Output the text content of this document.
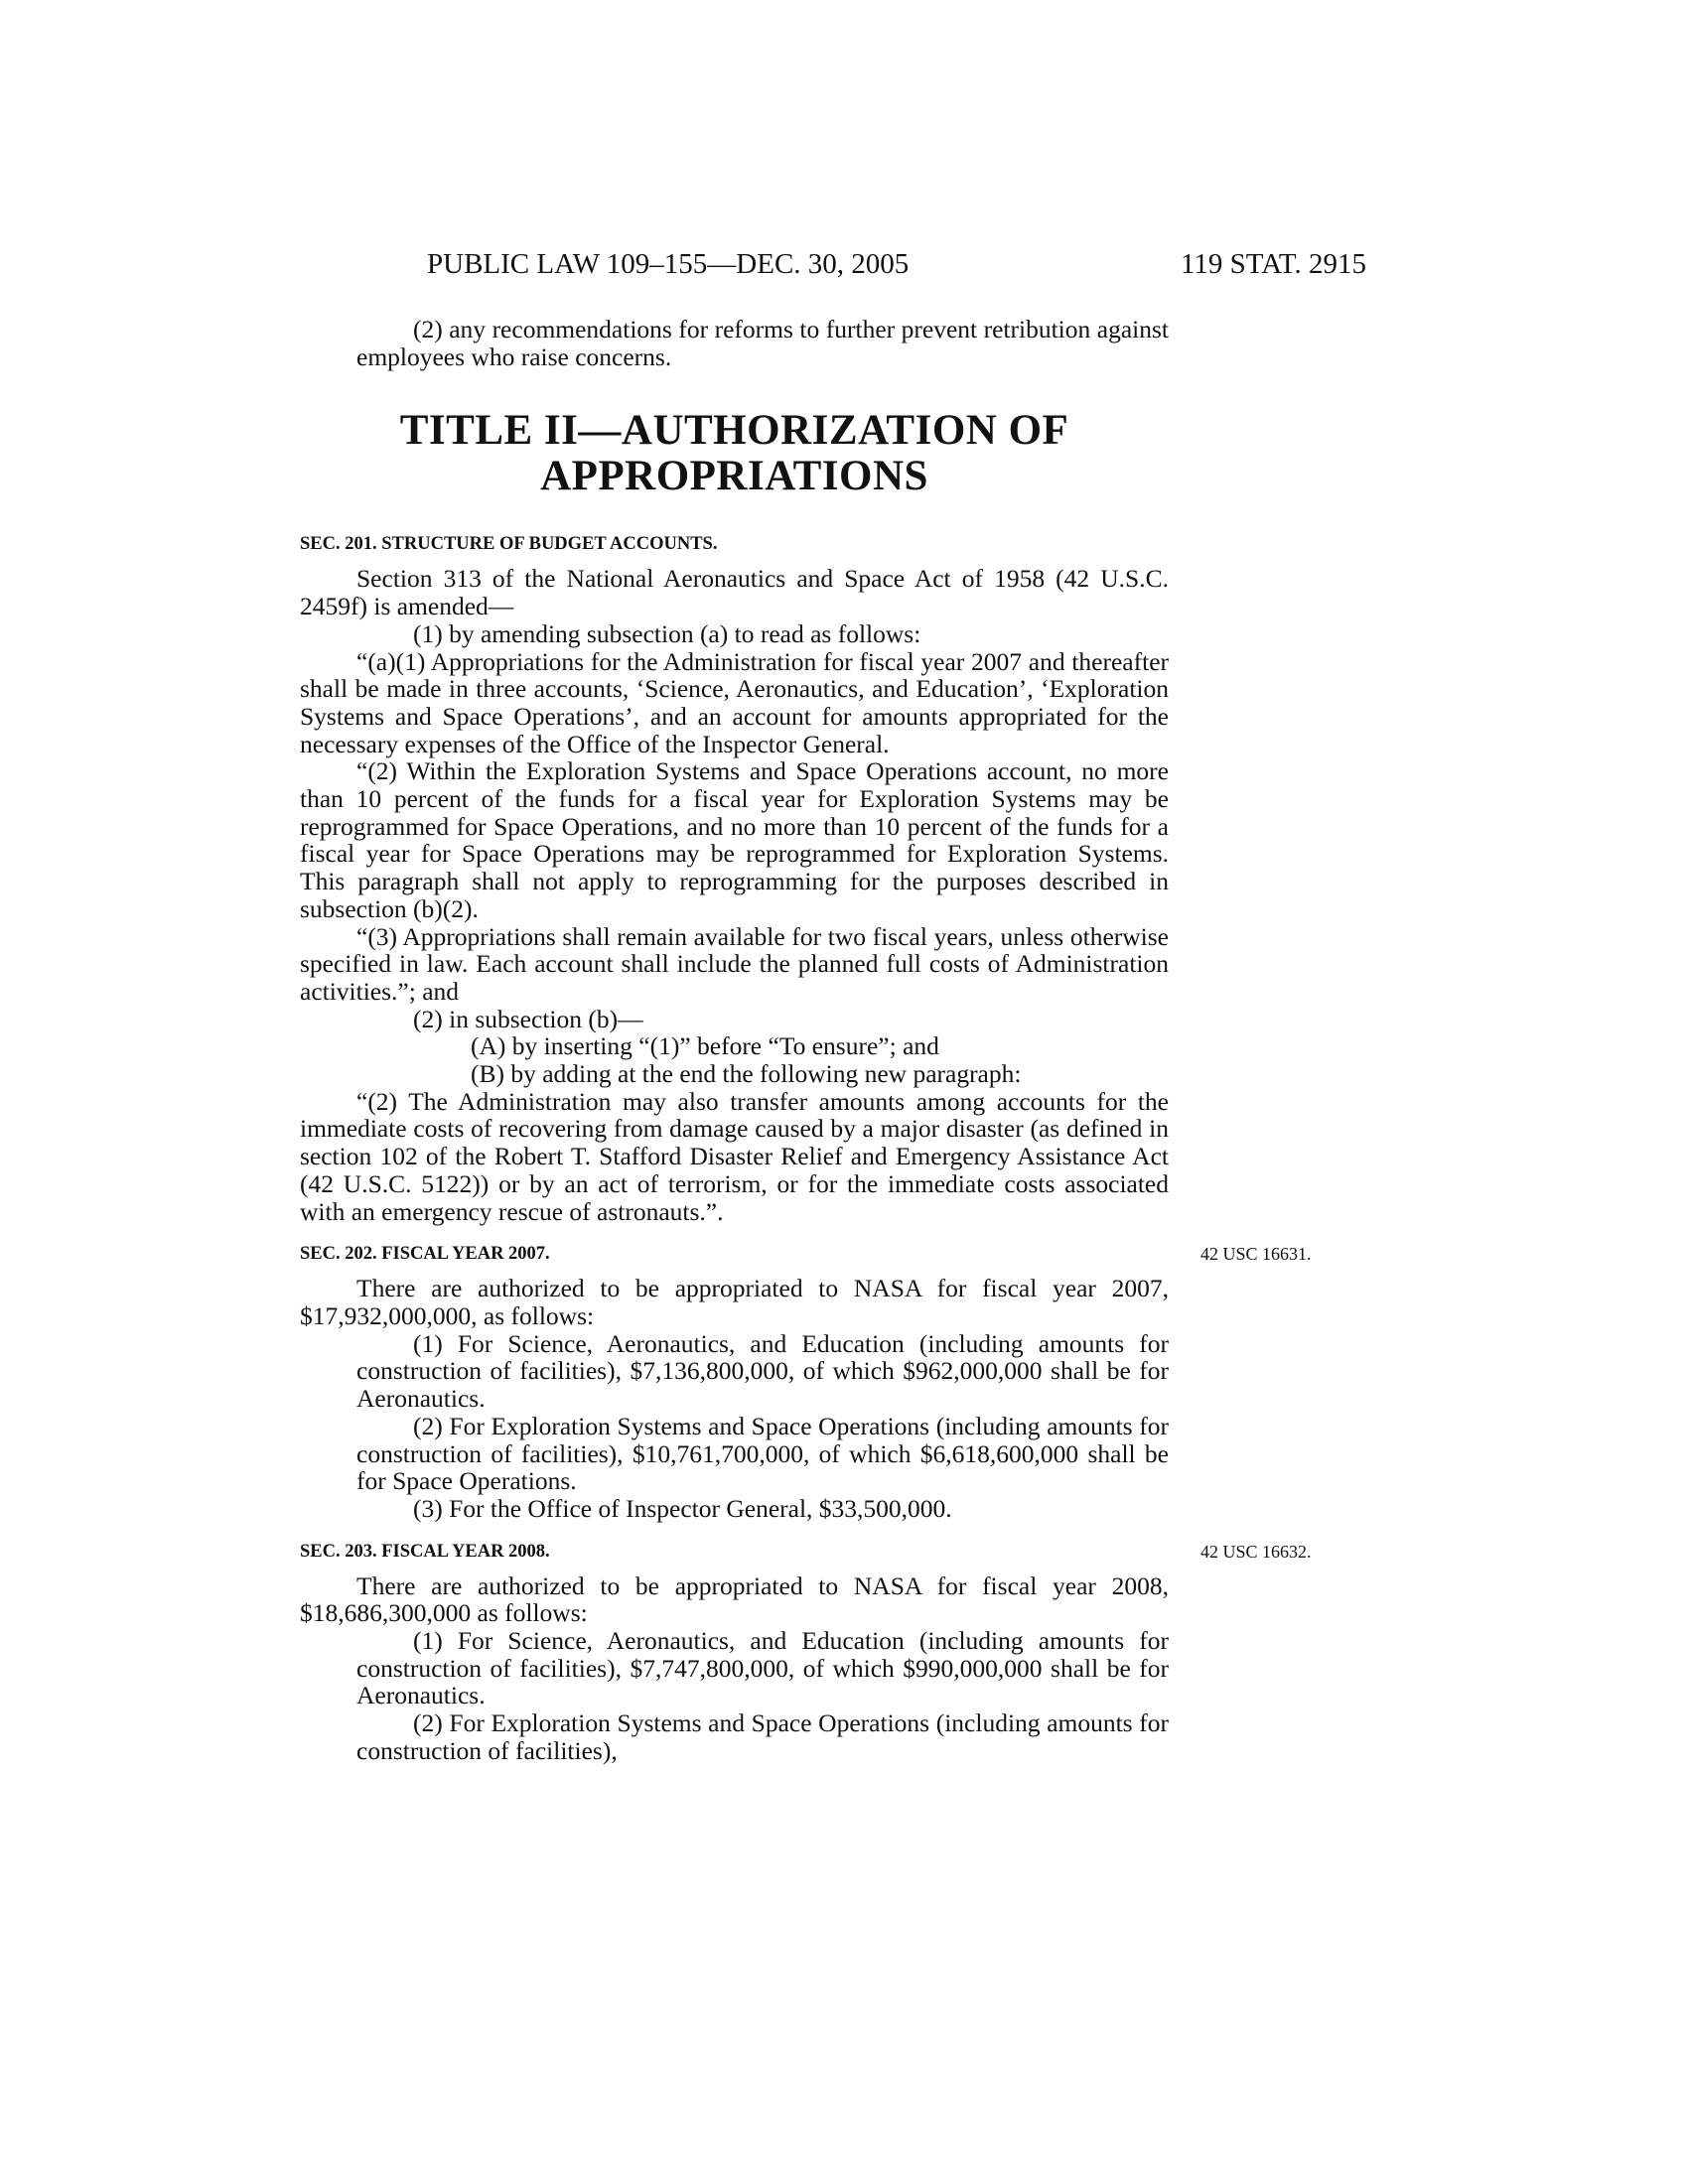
PUBLIC LAW 109–155—DEC. 30, 2005	119 STAT. 2915

(2) any recommendations for reforms to further prevent retribution against employees who raise concerns.

TITLE II—AUTHORIZATION OF
APPROPRIATIONS
SEC. 201. STRUCTURE OF BUDGET ACCOUNTS.

Section 313 of the National Aeronautics and Space Act of 1958 (42 U.S.C. 2459f) is amended—

(1) by amending subsection (a) to read as follows:

“(a)(1) Appropriations for the Administration for fiscal year 2007 and thereafter shall be made in three accounts, ‘Science, Aeronautics, and Education’, ‘Exploration Systems and Space Operations’, and an account for amounts appropriated for the necessary expenses of the Office of the Inspector General.

“(2) Within the Exploration Systems and Space Operations account, no more than 10 percent of the funds for a fiscal year for Exploration Systems may be reprogrammed for Space Operations, and no more than 10 percent of the funds for a fiscal year for Space Operations may be reprogrammed for Exploration Systems. This paragraph shall not apply to reprogramming for the purposes described in subsection (b)(2).

“(3) Appropriations shall remain available for two fiscal years, unless otherwise specified in law. Each account shall include the planned full costs of Administration activities.”; and

(2) in subsection (b)—

(A) by inserting “(1)” before “To ensure”; and

(B) by adding at the end the following new paragraph:

“(2) The Administration may also transfer amounts among accounts for the immediate costs of recovering from damage caused by a major disaster (as defined in section 102 of the Robert T. Stafford Disaster Relief and Emergency Assistance Act (42 U.S.C. 5122)) or by an act of terrorism, or for the immediate costs associated with an emergency rescue of astronauts.”.

SEC. 202. FISCAL YEAR 2007.	42 USC 16631.

There are authorized to be appropriated to NASA for fiscal year 2007, $17,932,000,000, as follows:

(1) For Science, Aeronautics, and Education (including amounts for construction of facilities), $7,136,800,000, of which $962,000,000 shall be for Aeronautics.

(2) For Exploration Systems and Space Operations (including amounts for construction of facilities), $10,761,700,000, of which $6,618,600,000 shall be for Space Operations.

(3) For the Office of Inspector General, $33,500,000.

SEC. 203. FISCAL YEAR 2008.	42 USC 16632.

There are authorized to be appropriated to NASA for fiscal year 2008, $18,686,300,000 as follows:

(1) For Science, Aeronautics, and Education (including amounts for construction of facilities), $7,747,800,000, of which $990,000,000 shall be for Aeronautics.

(2) For Exploration Systems and Space Operations (including amounts for construction of facilities),
